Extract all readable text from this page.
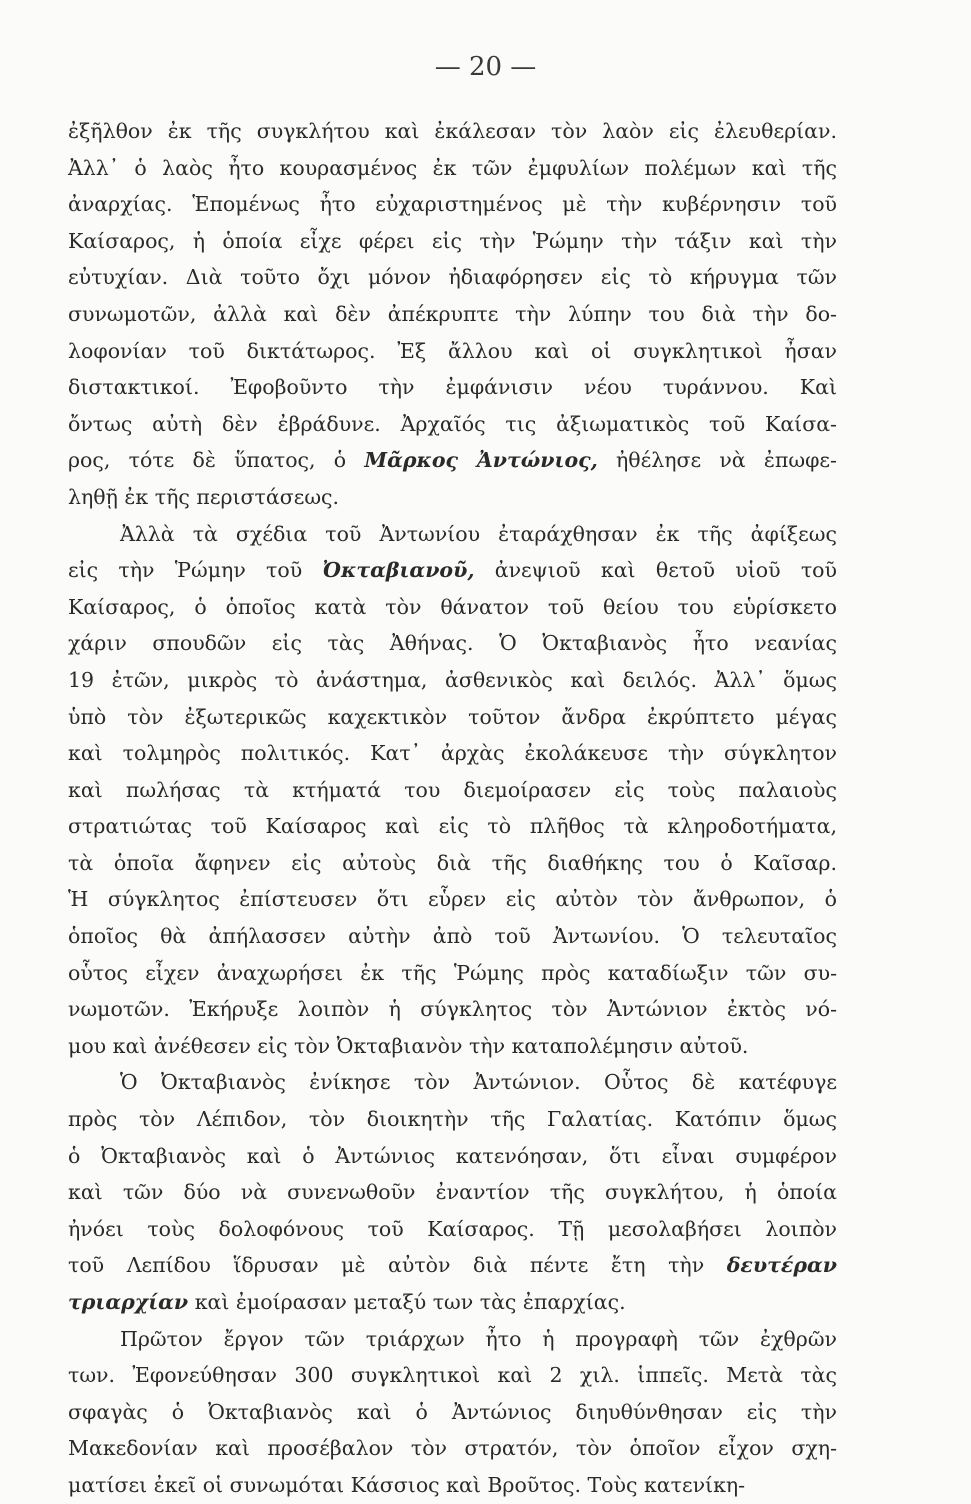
— 20 —
ἐξῆλθον ἐκ τῆς συγκλήτου καὶ ἐκάλεσαν τὸν λαὸν εἰς ἐλευθερίαν.
Ἀλλ᾽ ὁ λαὸς ἦτο κουρασμένος ἐκ τῶν ἐμφυλίων πολέμων καὶ τῆς
ἀναρχίας. Ἑπομένως ἦτο εὐχαριστημένος μὲ τὴν κυβέρνησιν τοῦ
Καίσαρος, ἡ ὁποία εἶχε φέρει εἰς τὴν Ῥώμην τὴν τάξιν καὶ τὴν
εὐτυχίαν. Διὰ τοῦτο ὄχι μόνον ἠδιαφόρησεν εἰς τὸ κήρυγμα τῶν
συνωμοτῶν, ἀλλὰ καὶ δὲν ἀπέκρυπτε τὴν λύπην του διὰ τὴν δο-
λοφονίαν τοῦ δικτάτωρος. Ἐξ ἄλλου καὶ οἱ συγκλητικοὶ ἦσαν
διστακτικοί. Ἐφοβοῦντο τὴν ἐμφάνισιν νέου τυράννου. Καὶ
ὄντως αὐτὴ δὲν ἐβράδυνε. Ἀρχαῖός τις ἀξιωματικὸς τοῦ Καίσα-
ρος, τότε δὲ ὕπατος, ὁ Μᾶρκος Ἀντώνιος, ἠθέλησε νὰ ἐπωφε-
ληθῇ ἐκ τῆς περιστάσεως.
Ἀλλὰ τὰ σχέδια τοῦ Ἀντωνίου ἐταράχθησαν ἐκ τῆς ἀφίξεως
εἰς τὴν Ῥώμην τοῦ Ὀκταβιανοῦ, ἀνεψιοῦ καὶ θετοῦ υἱοῦ τοῦ
Καίσαρος, ὁ ὁποῖος κατὰ τὸν θάνατον τοῦ θείου του εὑρίσκετο
χάριν σπουδῶν εἰς τὰς Ἀθήνας. Ὁ Ὀκταβιανὸς ἦτο νεανίας
19 ἐτῶν, μικρὸς τὸ ἀνάστημα, ἀσθενικὸς καὶ δειλός. Ἀλλ᾽ ὅμως
ὑπὸ τὸν ἐξωτερικῶς καχεκτικὸν τοῦτον ἄνδρα ἐκρύπτετο μέγας
καὶ τολμηρὸς πολιτικός. Κατ᾽ ἀρχὰς ἐκολάκευσε τὴν σύγκλητον
καὶ πωλήσας τὰ κτήματά του διεμοίρασεν εἰς τοὺς παλαιοὺς
στρατιώτας τοῦ Καίσαρος καὶ εἰς τὸ πλῆθος τὰ κληροδοτήματα,
τὰ ὁποῖα ἄφηνεν εἰς αὐτοὺς διὰ τῆς διαθήκης του ὁ Καῖσαρ.
Ἡ σύγκλητος ἐπίστευσεν ὅτι εὗρεν εἰς αὐτὸν τὸν ἄνθρωπον, ὁ
ὁποῖος θὰ ἀπήλασσεν αὐτὴν ἀπὸ τοῦ Ἀντωνίου. Ὁ τελευταῖος
οὗτος εἶχεν ἀναχωρήσει ἐκ τῆς Ῥώμης πρὸς καταδίωξιν τῶν συ-
νωμοτῶν. Ἐκήρυξε λοιπὸν ἡ σύγκλητος τὸν Ἀντώνιον ἐκτὸς νό-
μου καὶ ἀνέθεσεν εἰς τὸν Ὀκταβιανὸν τὴν καταπολέμησιν αὐτοῦ.
Ὁ Ὀκταβιανὸς ἐνίκησε τὸν Ἀντώνιον. Οὗτος δὲ κατέφυγε
πρὸς τὸν Λέπιδον, τὸν διοικητὴν τῆς Γαλατίας. Κατόπιν ὅμως
ὁ Ὀκταβιανὸς καὶ ὁ Ἀντώνιος κατενόησαν, ὅτι εἶναι συμφέρον
καὶ τῶν δύο νὰ συνενωθοῦν ἐναντίον τῆς συγκλήτου, ἡ ὁποία
ἠνόει τοὺς δολοφόνους τοῦ Καίσαρος. Τῇ μεσολαβήσει λοιπὸν
τοῦ Λεπίδου ἵδρυσαν μὲ αὐτὸν διὰ πέντε ἔτη τὴν δευτέραν
τριαρχίαν καὶ ἐμοίρασαν μεταξύ των τὰς ἐπαρχίας.
Πρῶτον ἔργον τῶν τριάρχων ἦτο ἡ προγραφὴ τῶν ἐχθρῶν
των. Ἐφονεύθησαν 300 συγκλητικοὶ καὶ 2 χιλ. ἱππεῖς. Μετὰ τὰς
σφαγὰς ὁ Ὀκταβιανὸς καὶ ὁ Ἀντώνιος διηυθύνθησαν εἰς τὴν
Μακεδονίαν καὶ προσέβαλον τὸν στρατόν, τὸν ὁποῖον εἶχον σχη-
ματίσει ἐκεῖ οἱ συνωμόται Κάσσιος καὶ Βροῦτος. Τοὺς κατενίκη-
